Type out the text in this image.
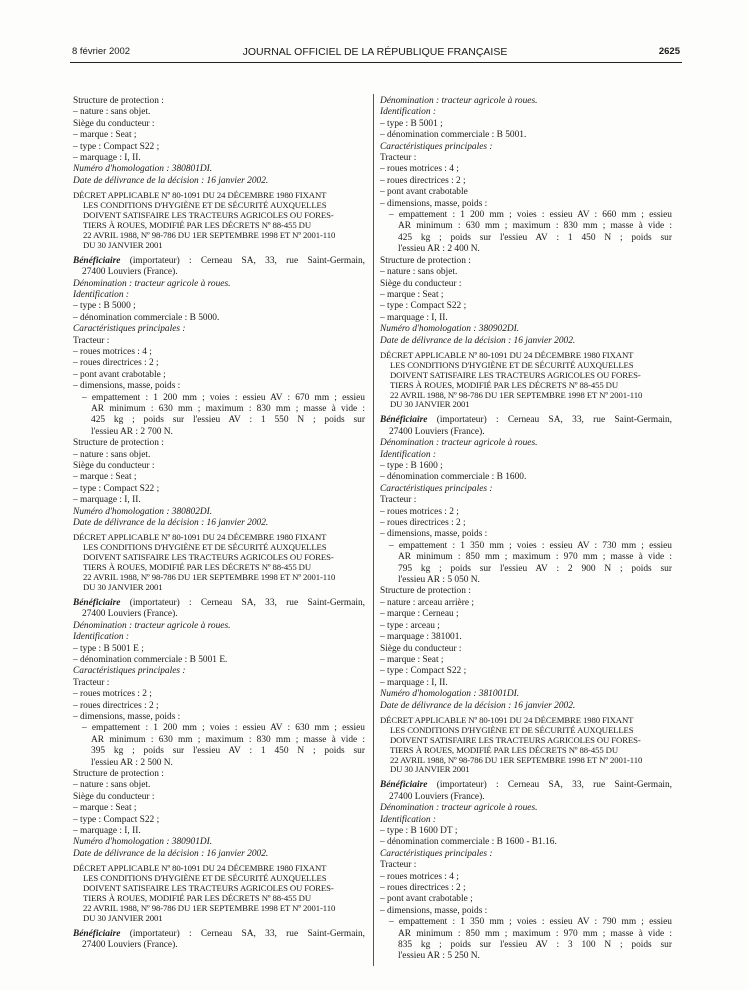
8 février 2002	JOURNAL OFFICIEL DE LA RÉPUBLIQUE FRANÇAISE	2625

Structure de protection :

– nature : sans objet.

Siège du conducteur :

– marque : Seat ;

– type : Compact S22 ;

– marquage : I, II.

Numéro d'homologation : 380801DI.

Date de délivrance de la décision : 16 janvier 2002.

DÉCRET APPLICABLE Nº 80-1091 DU 24 DÉCEMBRE 1980 FIXANT

LES CONDITIONS D'HYGIÈNE ET DE SÉCURITÉ AUXQUELLES

DOIVENT SATISFAIRE LES TRACTEURS AGRICOLES OU FORES-

TIERS À ROUES, MODIFIÉ PAR LES DÉCRETS Nº 88-455 DU

22 AVRIL 1988, Nº 98-786 DU 1ER SEPTEMBRE 1998 ET Nº 2001-110

DU 30 JANVIER 2001

Bénéficiaire (importateur) : Cerneau SA, 33, rue Saint-Germain,

27400 Louviers (France).

Dénomination : tracteur agricole à roues.

Identification :

– type : B 5000 ;

– dénomination commerciale : B 5000.

Caractéristiques principales :

Tracteur :

– roues motrices : 4 ;

– roues directrices : 2 ;

– pont avant crabotable ;

– dimensions, masse, poids :

– empattement : 1 200 mm ; voies : essieu AV : 670 mm ; essieu

AR minimum : 630 mm ; maximum : 830 mm ; masse à vide :

425 kg ; poids sur l'essieu AV : 1 550 N ; poids sur

l'essieu AR : 2 700 N.

Structure de protection :

– nature : sans objet.

Siège du conducteur :

– marque : Seat ;

– type : Compact S22 ;

– marquage : I, II.

Numéro d'homologation : 380802DI.

Date de délivrance de la décision : 16 janvier 2002.

DÉCRET APPLICABLE Nº 80-1091 DU 24 DÉCEMBRE 1980 FIXANT

LES CONDITIONS D'HYGIÈNE ET DE SÉCURITÉ AUXQUELLES

DOIVENT SATISFAIRE LES TRACTEURS AGRICOLES OU FORES-

TIERS À ROUES, MODIFIÉ PAR LES DÉCRETS Nº 88-455 DU

22 AVRIL 1988, Nº 98-786 DU 1ER SEPTEMBRE 1998 ET Nº 2001-110

DU 30 JANVIER 2001

Bénéficiaire (importateur) : Cerneau SA, 33, rue Saint-Germain,

27400 Louviers (France).

Dénomination : tracteur agricole à roues.

Identification :

– type : B 5001 E ;

– dénomination commerciale : B 5001 E.

Caractéristiques principales :

Tracteur :

– roues motrices : 2 ;

– roues directrices : 2 ;

– dimensions, masse, poids :

– empattement : 1 200 mm ; voies : essieu AV : 630 mm ; essieu

AR minimum : 630 mm ; maximum : 830 mm ; masse à vide :

395 kg ; poids sur l'essieu AV : 1 450 N ; poids sur

l'essieu AR : 2 500 N.

Structure de protection :

– nature : sans objet.

Siège du conducteur :

– marque : Seat ;

– type : Compact S22 ;

– marquage : I, II.

Numéro d'homologation : 380901DI.

Date de délivrance de la décision : 16 janvier 2002.

DÉCRET APPLICABLE Nº 80-1091 DU 24 DÉCEMBRE 1980 FIXANT

LES CONDITIONS D'HYGIÈNE ET DE SÉCURITÉ AUXQUELLES

DOIVENT SATISFAIRE LES TRACTEURS AGRICOLES OU FORES-

TIERS À ROUES, MODIFIÉ PAR LES DÉCRETS Nº 88-455 DU

22 AVRIL 1988, Nº 98-786 DU 1ER SEPTEMBRE 1998 ET Nº 2001-110

DU 30 JANVIER 2001

Bénéficiaire (importateur) : Cerneau SA, 33, rue Saint-Germain,

27400 Louviers (France).

Dénomination : tracteur agricole à roues.

Identification :

– type : B 5001 ;

– dénomination commerciale : B 5001.

Caractéristiques principales :

Tracteur :

– roues motrices : 4 ;

– roues directrices : 2 ;

– pont avant crabotable

– dimensions, masse, poids :

– empattement : 1 200 mm ; voies : essieu AV : 660 mm ; essieu

AR minimum : 630 mm ; maximum : 830 mm ; masse à vide :

425 kg ; poids sur l'essieu AV : 1 450 N ; poids sur

l'essieu AR : 2 400 N.

Structure de protection :

– nature : sans objet.

Siège du conducteur :

– marque : Seat ;

– type : Compact S22 ;

– marquage : I, II.

Numéro d'homologation : 380902DI.

Date de délivrance de la décision : 16 janvier 2002.

DÉCRET APPLICABLE Nº 80-1091 DU 24 DÉCEMBRE 1980 FIXANT

LES CONDITIONS D'HYGIÈNE ET DE SÉCURITÉ AUXQUELLES

DOIVENT SATISFAIRE LES TRACTEURS AGRICOLES OU FORES-

TIERS À ROUES, MODIFIÉ PAR LES DÉCRETS Nº 88-455 DU

22 AVRIL 1988, Nº 98-786 DU 1ER SEPTEMBRE 1998 ET Nº 2001-110

DU 30 JANVIER 2001

Bénéficiaire (importateur) : Cerneau SA, 33, rue Saint-Germain,

27400 Louviers (France).

Dénomination : tracteur agricole à roues.

Identification :

– type : B 1600 ;

– dénomination commerciale : B 1600.

Caractéristiques principales :

Tracteur :

– roues motrices : 2 ;

– roues directrices : 2 ;

– dimensions, masse, poids :

– empattement : 1 350 mm ; voies : essieu AV : 730 mm ; essieu

AR minimum : 850 mm ; maximum : 970 mm ; masse à vide :

795 kg ; poids sur l'essieu AV : 2 900 N ; poids sur

l'essieu AR : 5 050 N.

Structure de protection :

– nature : arceau arrière ;

– marque : Cerneau ;

– type : arceau ;

– marquage : 381001.

Siège du conducteur :

– marque : Seat ;

– type : Compact S22 ;

– marquage : I, II.

Numéro d'homologation : 381001DI.

Date de délivrance de la décision : 16 janvier 2002.

DÉCRET APPLICABLE Nº 80-1091 DU 24 DÉCEMBRE 1980 FIXANT

LES CONDITIONS D'HYGIÈNE ET DE SÉCURITÉ AUXQUELLES

DOIVENT SATISFAIRE LES TRACTEURS AGRICOLES OU FORES-

TIERS À ROUES, MODIFIÉ PAR LES DÉCRETS Nº 88-455 DU

22 AVRIL 1988, Nº 98-786 DU 1ER SEPTEMBRE 1998 ET Nº 2001-110

DU 30 JANVIER 2001

Bénéficiaire (importateur) : Cerneau SA, 33, rue Saint-Germain,

27400 Louviers (France).

Dénomination : tracteur agricole à roues.

Identification :

– type : B 1600 DT ;

– dénomination commerciale : B 1600 - B1.16.

Caractéristiques principales :

Tracteur :

– roues motrices : 4 ;

– roues directrices : 2 ;

– pont avant crabotable ;

– dimensions, masse, poids :

– empattement : 1 350 mm ; voies : essieu AV : 790 mm ; essieu

AR minimum : 850 mm ; maximum : 970 mm ; masse à vide :

835 kg ; poids sur l'essieu AV : 3 100 N ; poids sur

l'essieu AR : 5 250 N.
